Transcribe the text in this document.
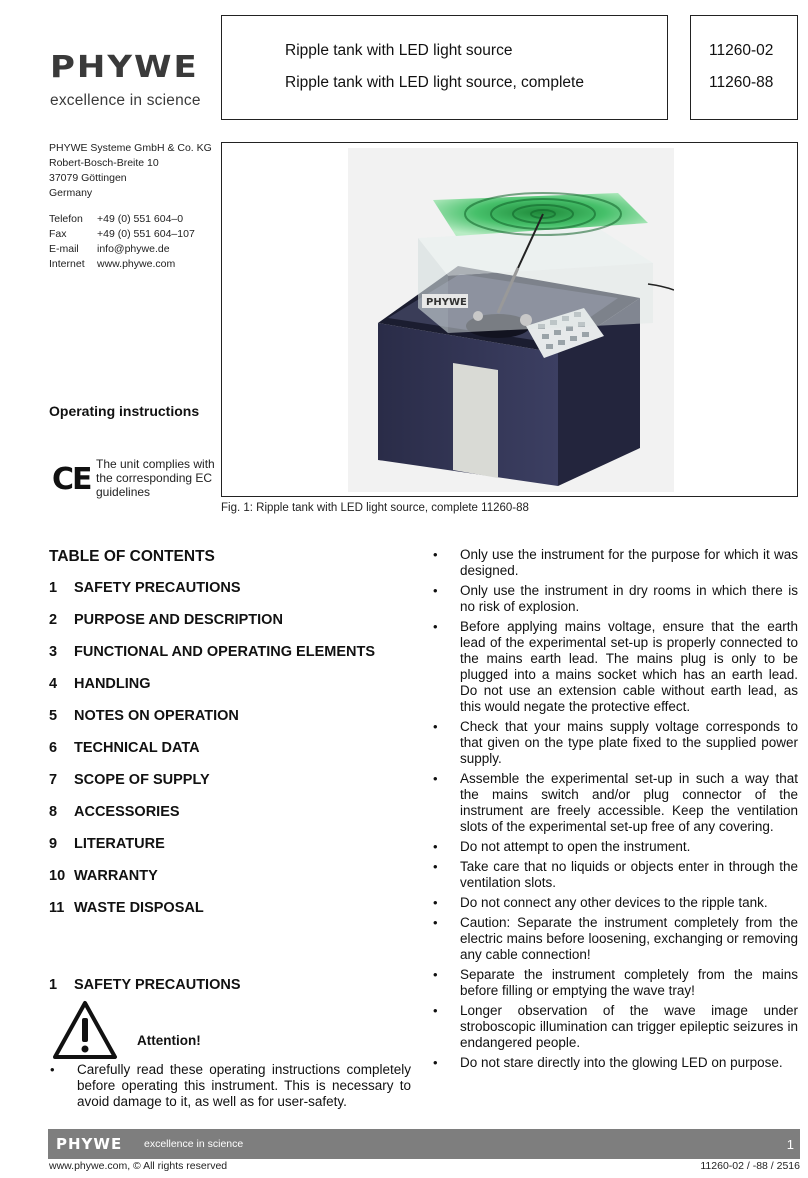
PHYWE
excellence in science
Ripple tank with LED light source
Ripple tank with LED light source, complete
11260-02
11260-88
PHYWE Systeme GmbH & Co. KG
Robert-Bosch-Breite 10
37079 Göttingen
Germany
Telefon	+49 (0) 551 604–0
Fax	+49 (0) 551 604–107
E-mail	info@phywe.de
Internet	www.phywe.com
Operating instructions
CE The unit complies with the corresponding EC guidelines
PHYWE
Fig. 1: Ripple tank with LED light source, complete 11260-88
TABLE OF CONTENTS
1 SAFETY PRECAUTIONS
2 PURPOSE AND DESCRIPTION
3 FUNCTIONAL AND OPERATING ELEMENTS
4 HANDLING
5 NOTES ON OPERATION
6 TECHNICAL DATA
7 SCOPE OF SUPPLY
8 ACCESSORIES
9 LITERATURE
10 WARRANTY
11 WASTE DISPOSAL
1 SAFETY PRECAUTIONS
Attention!
• Carefully read these operating instructions completely before operating this instrument. This is necessary to avoid damage to it, as well as for user-safety.
• Only use the instrument for the purpose for which it was designed.
• Only use the instrument in dry rooms in which there is no risk of explosion.
• Before applying mains voltage, ensure that the earth lead of the experimental set-up is properly connected to the mains earth lead. The mains plug is only to be plugged into a mains socket which has an earth lead. Do not use an extension cable without earth lead, as this would negate the protective effect.
• Check that your mains supply voltage corresponds to that given on the type plate fixed to the supplied power supply.
• Assemble the experimental set-up in such a way that the mains switch and/or plug connector of the instrument are freely accessible. Keep the ventilation slots of the experimental set-up free of any covering.
• Do not attempt to open the instrument.
• Take care that no liquids or objects enter in through the ventilation slots.
• Do not connect any other devices to the ripple tank.
• Caution: Separate the instrument completely from the electric mains before loosening, exchanging or removing any cable connection!
• Separate the instrument completely from the mains before filling or emptying the wave tray!
• Longer observation of the wave image under stroboscopic illumination can trigger epileptic seizures in endangered people.
• Do not stare directly into the glowing LED on purpose.
PHYWE excellence in science	1
www.phywe.com, © All rights reserved	11260-02 / -88 / 2516
